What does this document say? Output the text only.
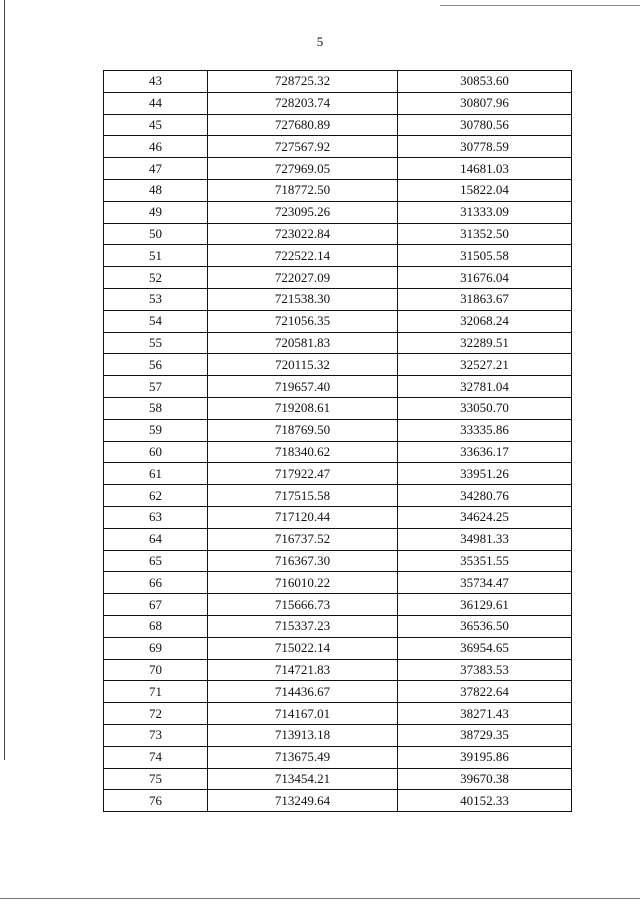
5
43	728725.32	30853.60
44	728203.74	30807.96
45	727680.89	30780.56
46	727567.92	30778.59
47	727969.05	14681.03
48	718772.50	15822.04
49	723095.26	31333.09
50	723022.84	31352.50
51	722522.14	31505.58
52	722027.09	31676.04
53	721538.30	31863.67
54	721056.35	32068.24
55	720581.83	32289.51
56	720115.32	32527.21
57	719657.40	32781.04
58	719208.61	33050.70
59	718769.50	33335.86
60	718340.62	33636.17
61	717922.47	33951.26
62	717515.58	34280.76
63	717120.44	34624.25
64	716737.52	34981.33
65	716367.30	35351.55
66	716010.22	35734.47
67	715666.73	36129.61
68	715337.23	36536.50
69	715022.14	36954.65
70	714721.83	37383.53
71	714436.67	37822.64
72	714167.01	38271.43
73	713913.18	38729.35
74	713675.49	39195.86
75	713454.21	39670.38
76	713249.64	40152.33
